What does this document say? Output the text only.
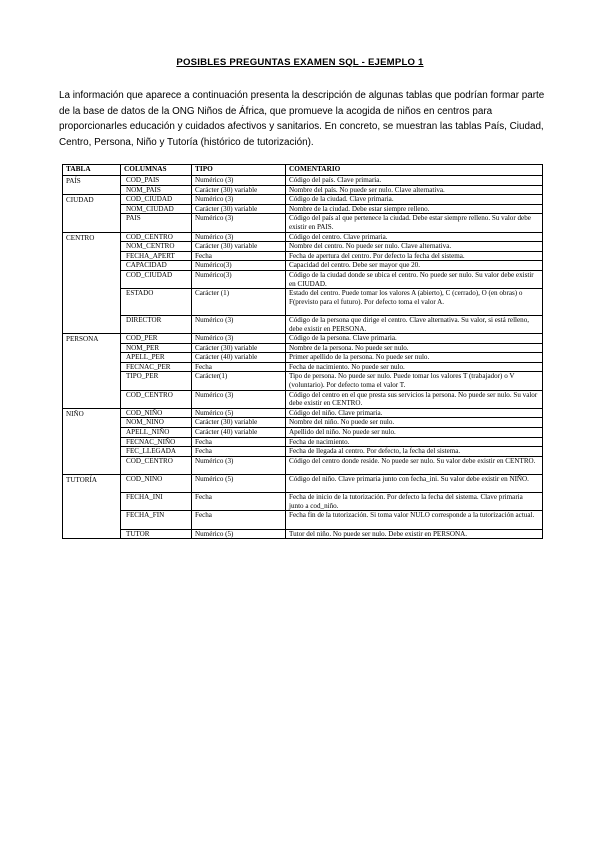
POSIBLES PREGUNTAS EXAMEN SQL - EJEMPLO 1

La información que aparece a continuación presenta la descripción de algunas tablas que podrían formar parte de la base de datos de la ONG Niños de África, que promueve la acogida de niños en centros para proporcionarles educación y cuidados afectivos y sanitarios. En concreto, se muestran las tablas País, Ciudad, Centro, Persona, Niño y Tutoría (histórico de tutorización).

TABLA	COLUMNAS	TIPO	COMENTARIO
PAÍS	COD_PAIS	Numérico (3)	Código del país. Clave primaria.
	NOM_PAIS	Carácter (30) variable	Nombre del país. No puede ser nulo. Clave alternativa.
CIUDAD	COD_CIUDAD	Numérico (3)	Código de la ciudad. Clave primaria.
	NOM_CIUDAD	Carácter (30) variable	Nombre de la ciudad. Debe estar siempre relleno.
	PAIS	Numérico (3)	Código del país al que pertenece la ciudad. Debe estar siempre relleno. Su valor debe existir en PAIS.
CENTRO	COD_CENTRO	Numérico (3)	Código del centro. Clave primaria.
	NOM_CENTRO	Carácter (30) variable	Nombre del centro. No puede ser nulo. Clave alternativa.
	FECHA_APERT	Fecha	Fecha de apertura del centro. Por defecto la fecha del sistema.
	CAPACIDAD	Numérico(3)	Capacidad del centro. Debe ser mayor que 20.
	COD_CIUDAD	Numérico(3)	Código de la ciudad donde se ubica el centro. No puede ser nulo. Su valor debe existir en CIUDAD.
	ESTADO	Carácter (1)	Estado del centro. Puede tomar los valores A (abierto), C (cerrado), O (en obras) o F(previsto para el futuro). Por defecto toma el valor A.
	DIRECTOR	Numérico (3)	Código de la persona que dirige el centro. Clave alternativa. Su valor, si está relleno, debe existir en PERSONA.
PERSONA	COD_PER	Numérico (3)	Código de la persona. Clave primaria.
	NOM_PER	Carácter (30) variable	Nombre de la persona. No puede ser nulo.
	APELL_PER	Carácter (40) variable	Primer apellido de la persona. No puede ser nulo.
	FECNAC_PER	Fecha	Fecha de nacimiento. No puede ser nulo.
	TIPO_PER	Carácter(1)	Tipo de persona. No puede ser nulo. Puede tomar los valores T (trabajador) o V (voluntario). Por defecto toma el valor T.
	COD_CENTRO	Numérico (3)	Código del centro en el que presta sus servicios la persona. No puede ser nulo. Su valor debe existir en CENTRO.
NIÑO	COD_NIÑO	Numérico (5)	Código del niño. Clave primaria.
	NOM_NINO	Carácter (30) variable	Nombre del niño. No puede ser nulo.
	APELL_NIÑO	Carácter (40) variable	Apellido del niño. No puede ser nulo.
	FECNAC_NIÑO	Fecha	Fecha de nacimiento.
	FEC_LLEGADA	Fecha	Fecha de llegada al centro. Por defecto, la fecha del sistema.
	COD_CENTRO	Numérico (3)	Código del centro donde reside. No puede ser nulo. Su valor debe existir en CENTRO.
TUTORÍA	COD_NINO	Numérico (5)	Código del niño. Clave primaria junto con fecha_ini. Su valor debe existir en NIÑO.
	FECHA_INI	Fecha	Fecha de inicio de la tutorización. Por defecto la fecha del sistema. Clave primaria junto a cod_niño.
	FECHA_FIN	Fecha	Fecha fin de la tutorización. Si toma valor NULO corresponde a la tutorización actual.
	TUTOR	Numérico (5)	Tutor del niño. No puede ser nulo. Debe existir en PERSONA.
